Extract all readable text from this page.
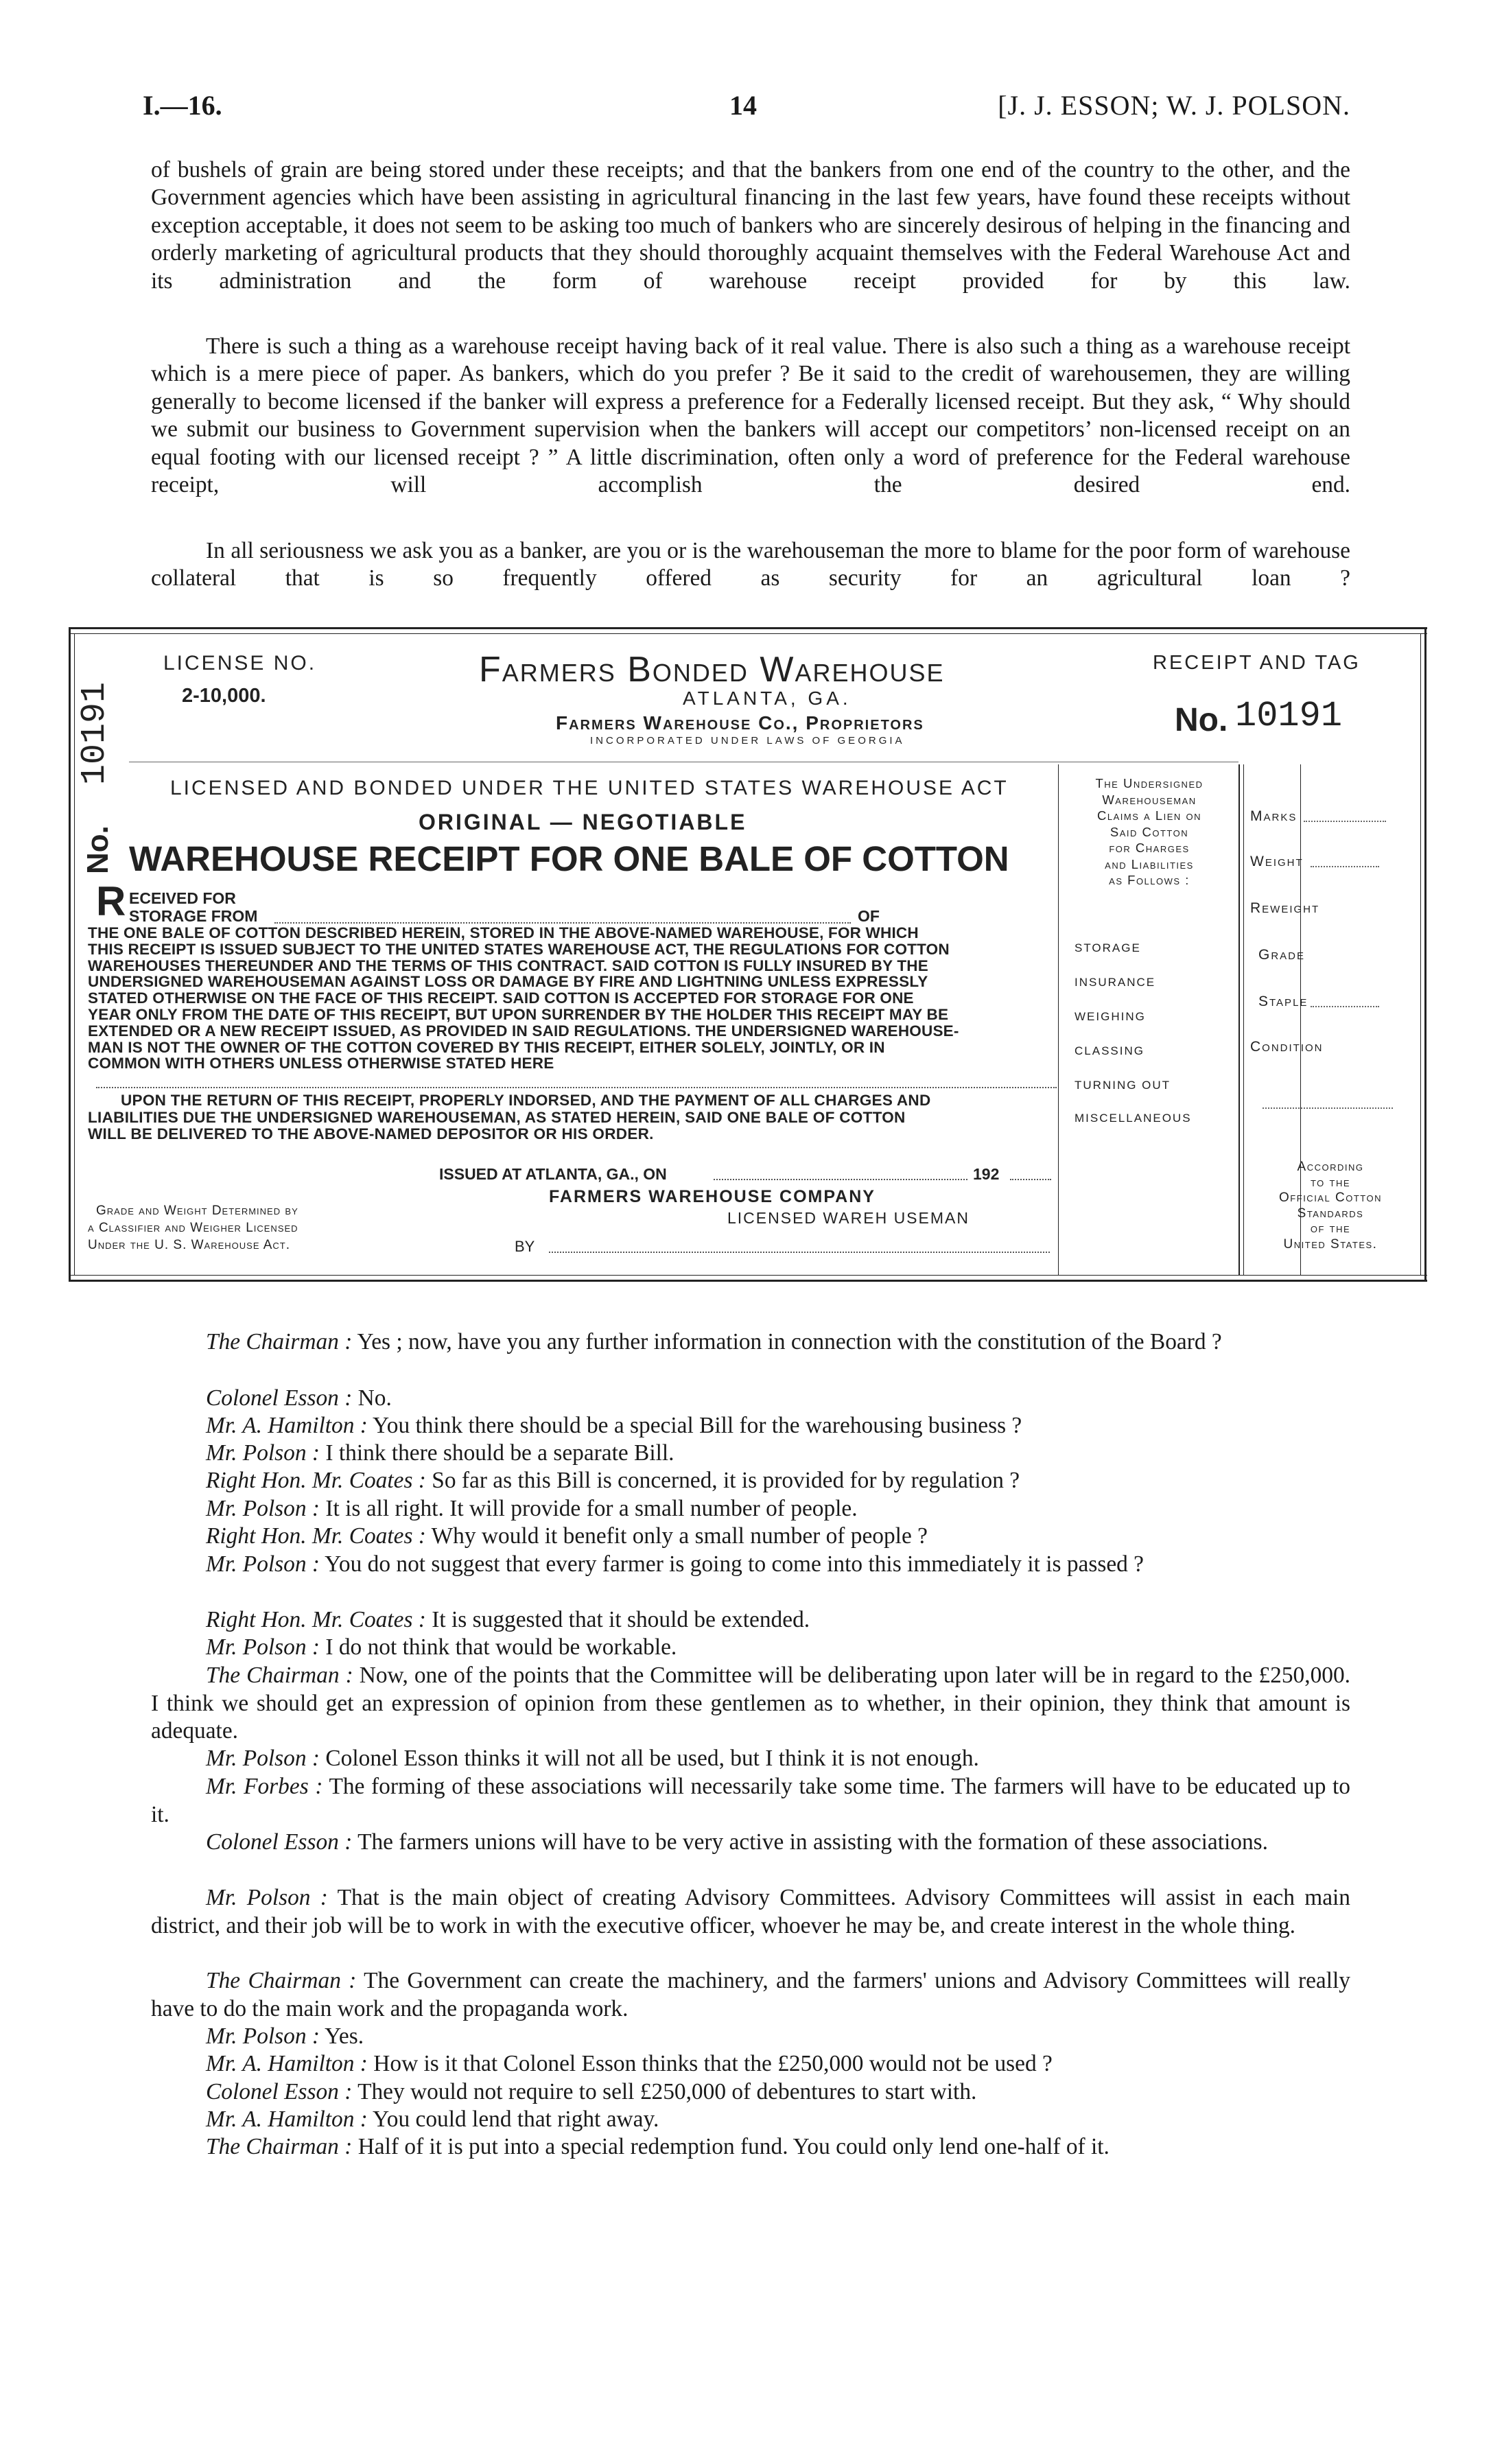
I.—16.	14	[J. J. ESSON; W. J. POLSON.
of bushels of grain are being stored under these receipts; and that the bankers from one end of the country to the other, and the Government agencies which have been assisting in agricultural financing in the last few years, have found these receipts without exception acceptable, it does not seem to be asking too much of bankers who are sincerely desirous of helping in the financing and orderly marketing of agricultural products that they should thoroughly acquaint themselves with the Federal Warehouse Act and its administration and the form of warehouse receipt provided for by this law.
There is such a thing as a warehouse receipt having back of it real value. There is also such a thing as a warehouse receipt which is a mere piece of paper. As bankers, which do you prefer ? Be it said to the credit of warehousemen, they are willing generally to become licensed if the banker will express a preference for a Federally licensed receipt. But they ask, “ Why should we submit our business to Government supervision when the bankers will accept our competitors’ non-licensed receipt on an equal footing with our licensed receipt ? ” A little discrimination, often only a word of preference for the Federal warehouse receipt, will accomplish the desired end.
In all seriousness we ask you as a banker, are you or is the warehouseman the more to blame for the poor form of warehouse collateral that is so frequently offered as security for an agricultural loan ?
LICENSE NO.
2-10,000.
Farmers Bonded Warehouse
ATLANTA, GA.
Farmers Warehouse Co., Proprietors
INCORPORATED UNDER LAWS OF GEORGIA
RECEIPT AND TAG
No. 10191
10191
No.
LICENSED AND BONDED UNDER THE UNITED STATES WAREHOUSE ACT
ORIGINAL — NEGOTIABLE
WAREHOUSE RECEIPT FOR ONE BALE OF COTTON
R ECEIVED FOR
STORAGE FROM	OF
THE ONE BALE OF COTTON DESCRIBED HEREIN, STORED IN THE ABOVE-NAMED WAREHOUSE, FOR WHICH
THIS RECEIPT IS ISSUED SUBJECT TO THE UNITED STATES WAREHOUSE ACT, THE REGULATIONS FOR COTTON
WAREHOUSES THEREUNDER AND THE TERMS OF THIS CONTRACT. SAID COTTON IS FULLY INSURED BY THE
UNDERSIGNED WAREHOUSEMAN AGAINST LOSS OR DAMAGE BY FIRE AND LIGHTNING UNLESS EXPRESSLY
STATED OTHERWISE ON THE FACE OF THIS RECEIPT. SAID COTTON IS ACCEPTED FOR STORAGE FOR ONE
YEAR ONLY FROM THE DATE OF THIS RECEIPT, BUT UPON SURRENDER BY THE HOLDER THIS RECEIPT MAY BE
EXTENDED OR A NEW RECEIPT ISSUED, AS PROVIDED IN SAID REGULATIONS. THE UNDERSIGNED WAREHOUSE-
MAN IS NOT THE OWNER OF THE COTTON COVERED BY THIS RECEIPT, EITHER SOLELY, JOINTLY, OR IN
COMMON WITH OTHERS UNLESS OTHERWISE STATED HERE
UPON THE RETURN OF THIS RECEIPT, PROPERLY INDORSED, AND THE PAYMENT OF ALL CHARGES AND
LIABILITIES DUE THE UNDERSIGNED WAREHOUSEMAN, AS STATED HEREIN, SAID ONE BALE OF COTTON
WILL BE DELIVERED TO THE ABOVE-NAMED DEPOSITOR OR HIS ORDER.
ISSUED AT ATLANTA, GA., ON	192
FARMERS WAREHOUSE COMPANY
LICENSED WAREH USEMAN
BY
Grade and Weight Determined by
a Classifier and Weigher Licensed
Under the U. S. Warehouse Act.
The Undersigned
Warehouseman
Claims a Lien on
Said Cotton
for Charges
and Liabilities
as Follows :
STORAGE
INSURANCE
WEIGHING
CLASSING
TURNING OUT
MISCELLANEOUS
Marks
Weight
Reweight
Grade
Staple
Condition
According
to the
Official Cotton
Standards
of the
United States.
The Chairman : Yes ; now, have you any further information in connection with the constitution of the Board ?
Colonel Esson : No.
Mr. A. Hamilton : You think there should be a special Bill for the warehousing business ?
Mr. Polson : I think there should be a separate Bill.
Right Hon. Mr. Coates : So far as this Bill is concerned, it is provided for by regulation ?
Mr. Polson : It is all right. It will provide for a small number of people.
Right Hon. Mr. Coates : Why would it benefit only a small number of people ?
Mr. Polson : You do not suggest that every farmer is going to come into this immediately it is passed ?
Right Hon. Mr. Coates : It is suggested that it should be extended.
Mr. Polson : I do not think that would be workable.
The Chairman : Now, one of the points that the Committee will be deliberating upon later will be in regard to the £250,000. I think we should get an expression of opinion from these gentlemen as to whether, in their opinion, they think that amount is adequate.
Mr. Polson : Colonel Esson thinks it will not all be used, but I think it is not enough.
Mr. Forbes : The forming of these associations will necessarily take some time. The farmers will have to be educated up to it.
Colonel Esson : The farmers unions will have to be very active in assisting with the formation of these associations.
Mr. Polson : That is the main object of creating Advisory Committees. Advisory Committees will assist in each main district, and their job will be to work in with the executive officer, whoever he may be, and create interest in the whole thing.
The Chairman : The Government can create the machinery, and the farmers' unions and Advisory Committees will really have to do the main work and the propaganda work.
Mr. Polson : Yes.
Mr. A. Hamilton : How is it that Colonel Esson thinks that the £250,000 would not be used ?
Colonel Esson : They would not require to sell £250,000 of debentures to start with.
Mr. A. Hamilton : You could lend that right away.
The Chairman : Half of it is put into a special redemption fund. You could only lend one-half of it.
